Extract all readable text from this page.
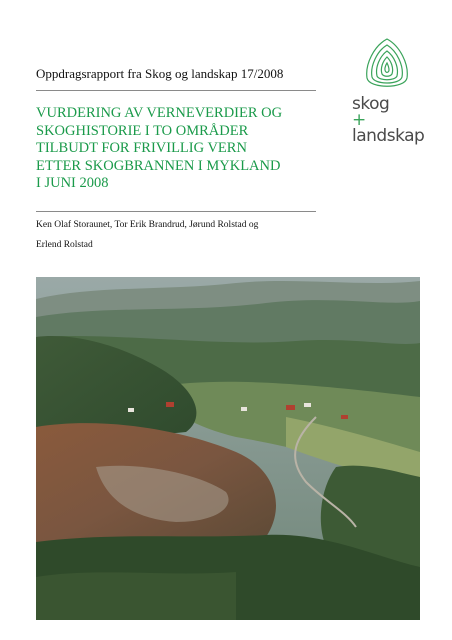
Oppdragsrapport fra Skog og landskap 17/2008
VURDERING AV VERNEVERDIER OG
SKOGHISTORIE I TO OMRÅDER
TILBUDT FOR FRIVILLIG VERN
ETTER SKOGBRANNEN I MYKLAND
I JUNI 2008
Ken Olaf Storaunet, Tor Erik Brandrud, Jørund Rolstad og
Erlend Rolstad
skog
+
landskap
